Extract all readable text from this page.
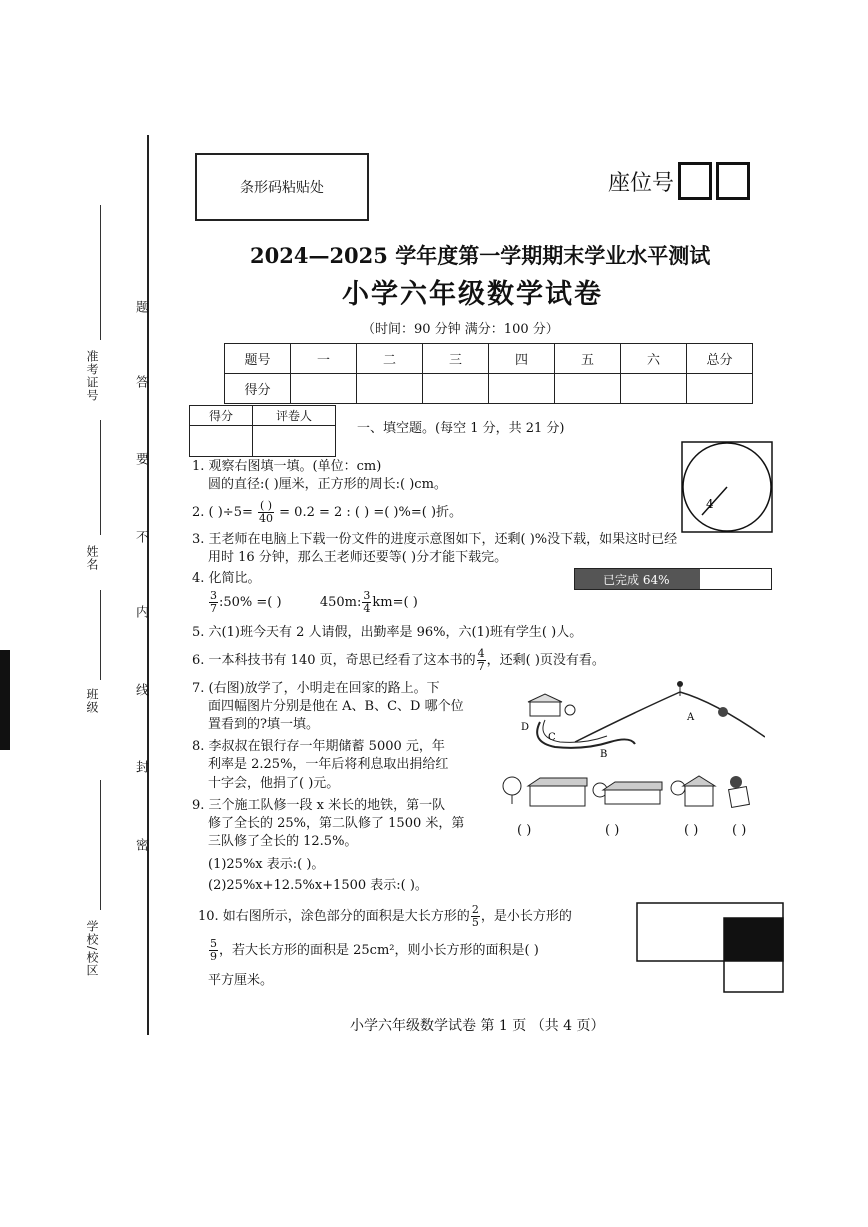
准考证号
姓名
班级
学校/校区
题
答
要
不
内
线
封
密
条形码粘贴处	座位号
2024—2025 学年度第一学期期末学业水平测试
小学六年级数学试卷
（时间：90 分钟 满分：100 分）
题号	一	二	三	四	五	六	总分
得分							
得分	评卷人

一、填空题。(每空 1 分，共 21 分)
1. 观察右图填一填。(单位：cm)
圆的直径:( )厘米，正方形的周长:( )cm。
4
2. ( )$\div 5= \frac{( )}{40} = 0.2 = 2$ : ( ) =( )%=( )折。
3. 王老师在电脑上下载一份文件的进度示意图如下，还剩( )%没下载，如果这时已经
用时 16 分钟，那么王老师还要等( )分才能下载完。
已完成 64%
4. 化简比。
$\frac{3}{7}$ :50% =( )	450m: $\frac{3}{4} km=$( )
5. 六(1)班今天有 2 人请假，出勤率是 96%，六(1)班有学生( )人。
6. 一本科技书有 140 页，奇思已经看了这本书的 $\frac{4}{7}$ ，还剩( )页没有看。
7. (右图)放学了，小明走在回家的路上。下
面四幅图片分别是他在 A、B、C、D 哪个位
置看到的?填一填。	A
B
C
D
( )	( )	( )	( )
8. 李叔叔在银行存一年期储蓄 5000 元，年
利率是 2.25%，一年后将利息取出捐给红
十字会，他捐了( )元。
9. 三个施工队修一段 x 米长的地铁，第一队
修了全长的 25%，第二队修了 1500 米，第
三队修了全长的 12.5%。
(1)25%x 表示:( )。
(2)25%x+12.5%x+1500 表示:( )。
10. 如右图所示，涂色部分的面积是大长方形的 $\frac{2}{5}$ ，是小长方形的
$\frac{5}{9}$ ，若大长方形的面积是 25cm²，则小长方形的面积是( )
平方厘米。
小学六年级数学试卷 第 1 页 （共 4 页）
